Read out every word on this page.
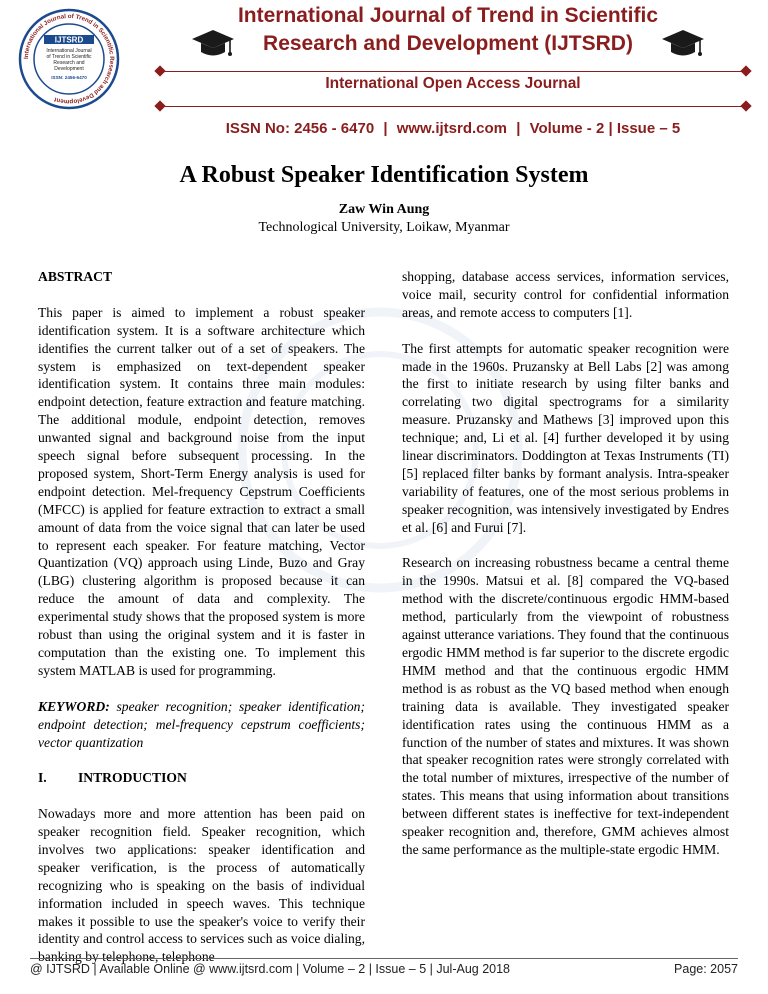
International Journal of Trend in Scientific Research and Development
IJTSRD
International Journal
of Trend in Scientific
Research and
Development
ISSN: 2456-6470
International Journal of Trend in Scientific
Research and Development (IJTSRD)
International Open Access Journal
ISSN No: 2456 - 6470 | www.ijtsrd.com | Volume - 2 | Issue – 5
A Robust Speaker Identification System
Zaw Win Aung
Technological University, Loikaw, Myanmar

ABSTRACT

This paper is aimed to implement a robust speaker identification system. It is a software architecture which identifies the current talker out of a set of speakers. The system is emphasized on text-dependent speaker identification system. It contains three main modules: endpoint detection, feature extraction and feature matching. The additional module, endpoint detection, removes unwanted signal and background noise from the input speech signal before subsequent processing. In the proposed system, Short-Term Energy analysis is used for endpoint detection. Mel-frequency Cepstrum Coefficients (MFCC) is applied for feature extraction to extract a small amount of data from the voice signal that can later be used to represent each speaker. For feature matching, Vector Quantization (VQ) approach using Linde, Buzo and Gray (LBG) clustering algorithm is proposed because it can reduce the amount of data and complexity. The experimental study shows that the proposed system is more robust than using the original system and it is faster in computation than the existing one. To implement this system MATLAB is used for programming.

KEYWORD: speaker recognition; speaker identification; endpoint detection; mel-frequency cepstrum coefficients; vector quantization

I. INTRODUCTION

Nowadays more and more attention has been paid on speaker recognition field. Speaker recognition, which involves two applications: speaker identification and speaker verification, is the process of automatically recognizing who is speaking on the basis of individual information included in speech waves. This technique makes it possible to use the speaker's voice to verify their identity and control access to services such as voice dialing, banking by telephone, telephone

shopping, database access services, information services, voice mail, security control for confidential information areas, and remote access to computers [1].

The first attempts for automatic speaker recognition were made in the 1960s. Pruzansky at Bell Labs [2] was among the first to initiate research by using filter banks and correlating two digital spectrograms for a similarity measure. Pruzansky and Mathews [3] improved upon this technique; and, Li et al. [4] further developed it by using linear discriminators. Doddington at Texas Instruments (TI) [5] replaced filter banks by formant analysis. Intra-speaker variability of features, one of the most serious problems in speaker recognition, was intensively investigated by Endres et al. [6] and Furui [7].

Research on increasing robustness became a central theme in the 1990s. Matsui et al. [8] compared the VQ-based method with the discrete/continuous ergodic HMM-based method, particularly from the viewpoint of robustness against utterance variations. They found that the continuous ergodic HMM method is far superior to the discrete ergodic HMM method and that the continuous ergodic HMM method is as robust as the VQ based method when enough training data is available. They investigated speaker identification rates using the continuous HMM as a function of the number of states and mixtures. It was shown that speaker recognition rates were strongly correlated with the total number of mixtures, irrespective of the number of states. This means that using information about transitions between different states is ineffective for text-independent speaker recognition and, therefore, GMM achieves almost the same performance as the multiple-state ergodic HMM.

@ IJTSRD | Available Online @ www.ijtsrd.com | Volume – 2 | Issue – 5 | Jul-Aug 2018	Page: 2057
